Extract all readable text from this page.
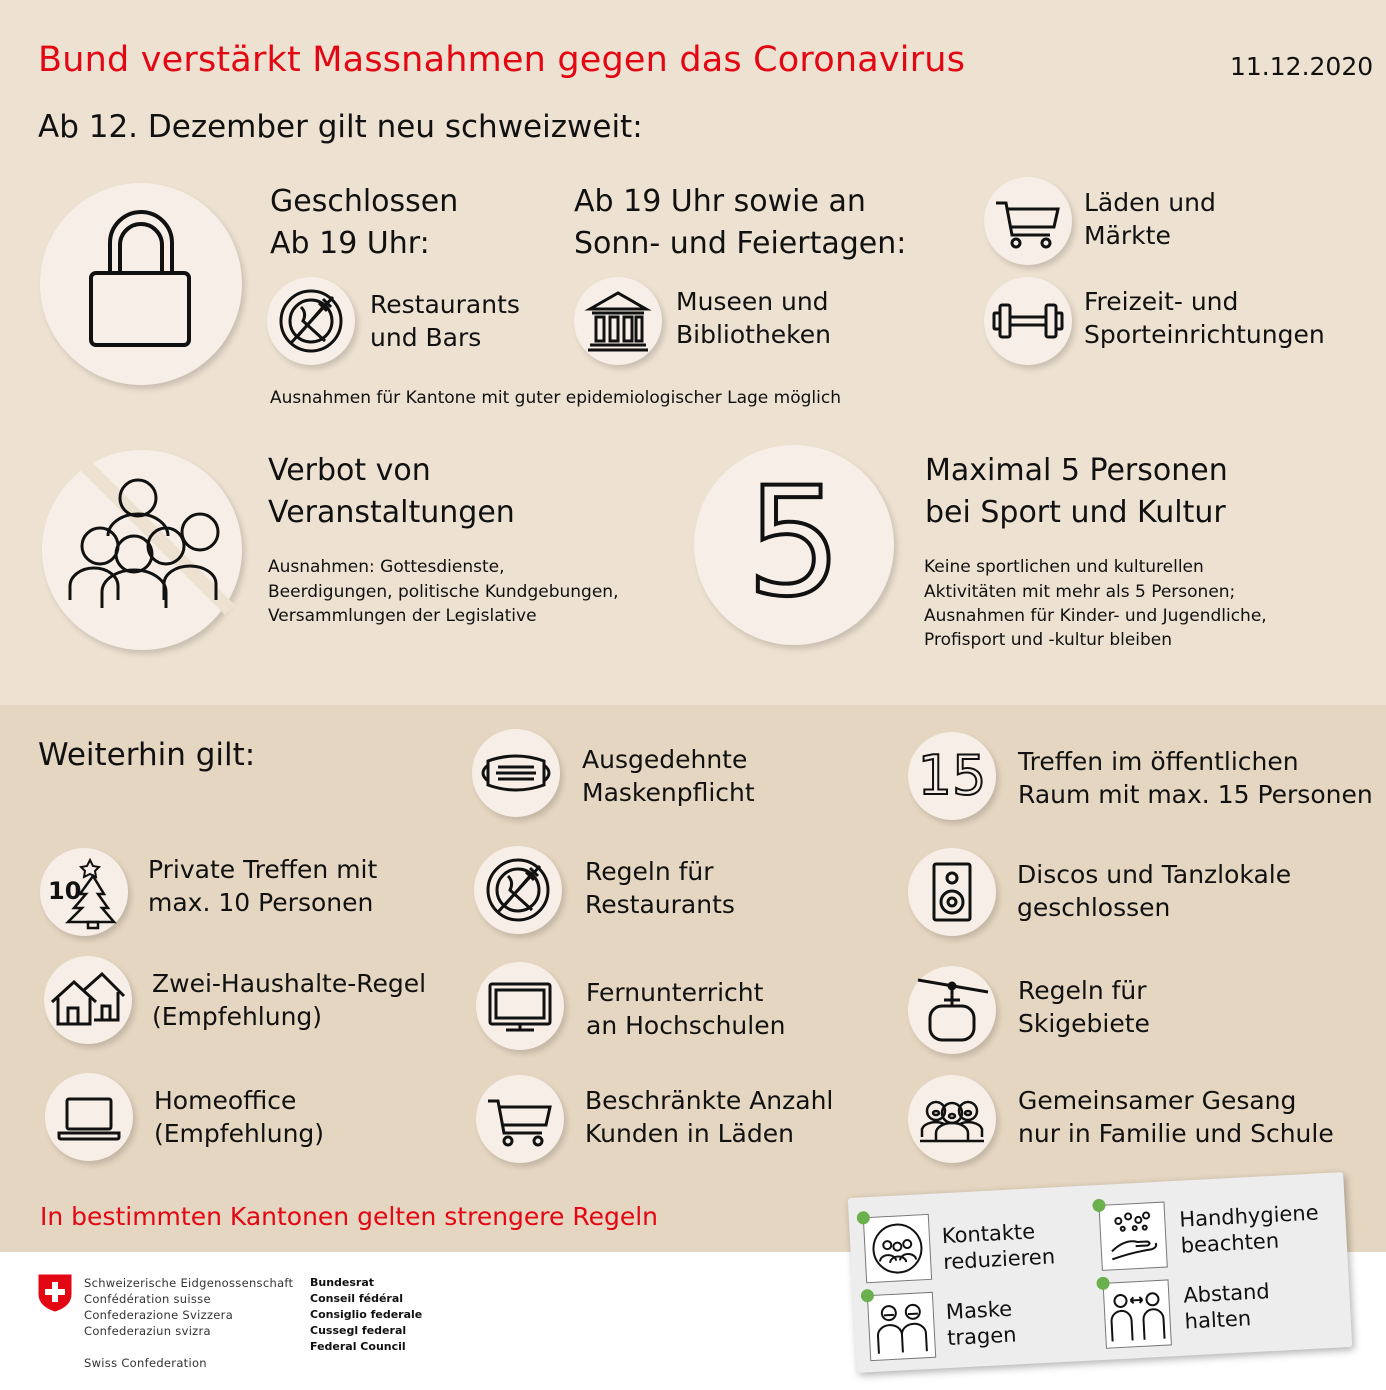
Bund verstärkt Massnahmen gegen das Coronavirus	11.12.2020
Ab 12. Dezember gilt neu schweizweit:
Geschlossen
Ab 19 Uhr:
Restaurants
und Bars
Ab 19 Uhr sowie an
Sonn- und Feiertagen:
Museen und
Bibliotheken
Läden und
Märkte
Freizeit- und
Sporteinrichtungen
Ausnahmen für Kantone mit guter epidemiologischer Lage möglich
Verbot von
Veranstaltungen
Ausnahmen: Gottesdienste,
Beerdigungen, politische Kundgebungen,
Versammlungen der Legislative	5	Maximal 5 Personen
bei Sport und Kultur
Keine sportlichen und kulturellen
Aktivitäten mit mehr als 5 Personen;
Ausnahmen für Kinder- und Jugendliche,
Profisport und -kultur bleiben
Weiterhin gilt:	Ausgedehnte
Maskenpflicht	15	Treffen im öffentlichen
Raum mit max. 15 Personen
10
Private Treffen mit
max. 10 Personen
Regeln für
Restaurants
Discos und Tanzlokale
geschlossen
Zwei-Haushalte-Regel
(Empfehlung)
Fernunterricht
an Hochschulen
Regeln für
Skigebiete
Homeoffice
(Empfehlung)
Beschränkte Anzahl
Kunden in Läden
Gemeinsamer Gesang
nur in Familie und Schule
In bestimmten Kantonen gelten strengere Regeln
Schweizerische Eidgenossenschaft
Confédération suisse
Confederazione Svizzera
Confederaziun svizra
Swiss Confederation
Bundesrat
Conseil fédéral
Consiglio federale
Cussegl federal
Federal Council
Kontakte
reduzieren
Handhygiene
beachten
Maske
tragen
Abstand
halten
